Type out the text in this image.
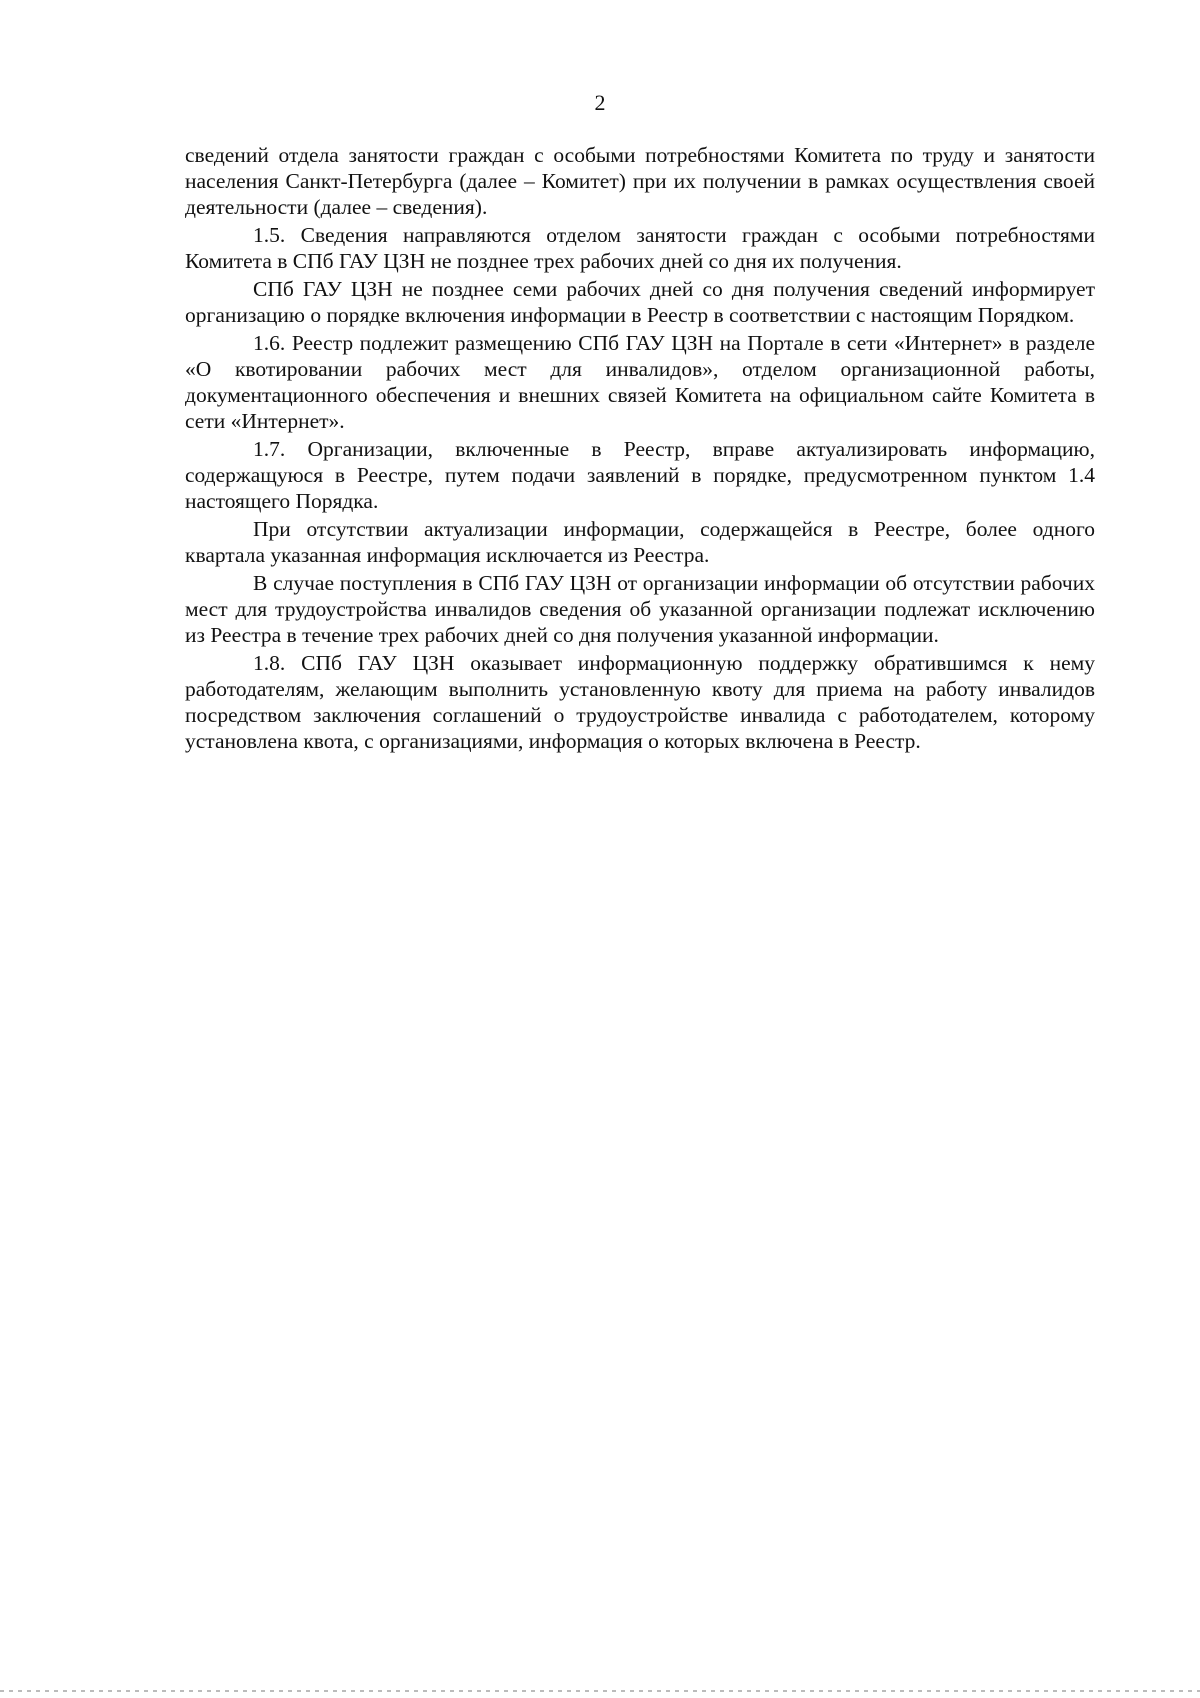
2

сведений отдела занятости граждан с особыми потребностями Комитета по труду и занятости населения Санкт-Петербурга (далее – Комитет) при их получении в рамках осуществления своей деятельности (далее – сведения).

1.5. Сведения направляются отделом занятости граждан с особыми потребностями Комитета в СПб ГАУ ЦЗН не позднее трех рабочих дней со дня их получения.

СПб ГАУ ЦЗН не позднее семи рабочих дней со дня получения сведений информирует организацию о порядке включения информации в Реестр в соответствии с настоящим Порядком.

1.6. Реестр подлежит размещению СПб ГАУ ЦЗН на Портале в сети «Интернет» в разделе «О квотировании рабочих мест для инвалидов», отделом организационной работы, документационного обеспечения и внешних связей Комитета на официальном сайте Комитета в сети «Интернет».

1.7. Организации, включенные в Реестр, вправе актуализировать информацию, содержащуюся в Реестре, путем подачи заявлений в порядке, предусмотренном пунктом 1.4 настоящего Порядка.

При отсутствии актуализации информации, содержащейся в Реестре, более одного квартала указанная информация исключается из Реестра.

В случае поступления в СПб ГАУ ЦЗН от организации информации об отсутствии рабочих мест для трудоустройства инвалидов сведения об указанной организации подлежат исключению из Реестра в течение трех рабочих дней со дня получения указанной информации.

1.8. СПб ГАУ ЦЗН оказывает информационную поддержку обратившимся к нему работодателям, желающим выполнить установленную квоту для приема на работу инвалидов посредством заключения соглашений о трудоустройстве инвалида с работодателем, которому установлена квота, с организациями, информация о которых включена в Реестр.
